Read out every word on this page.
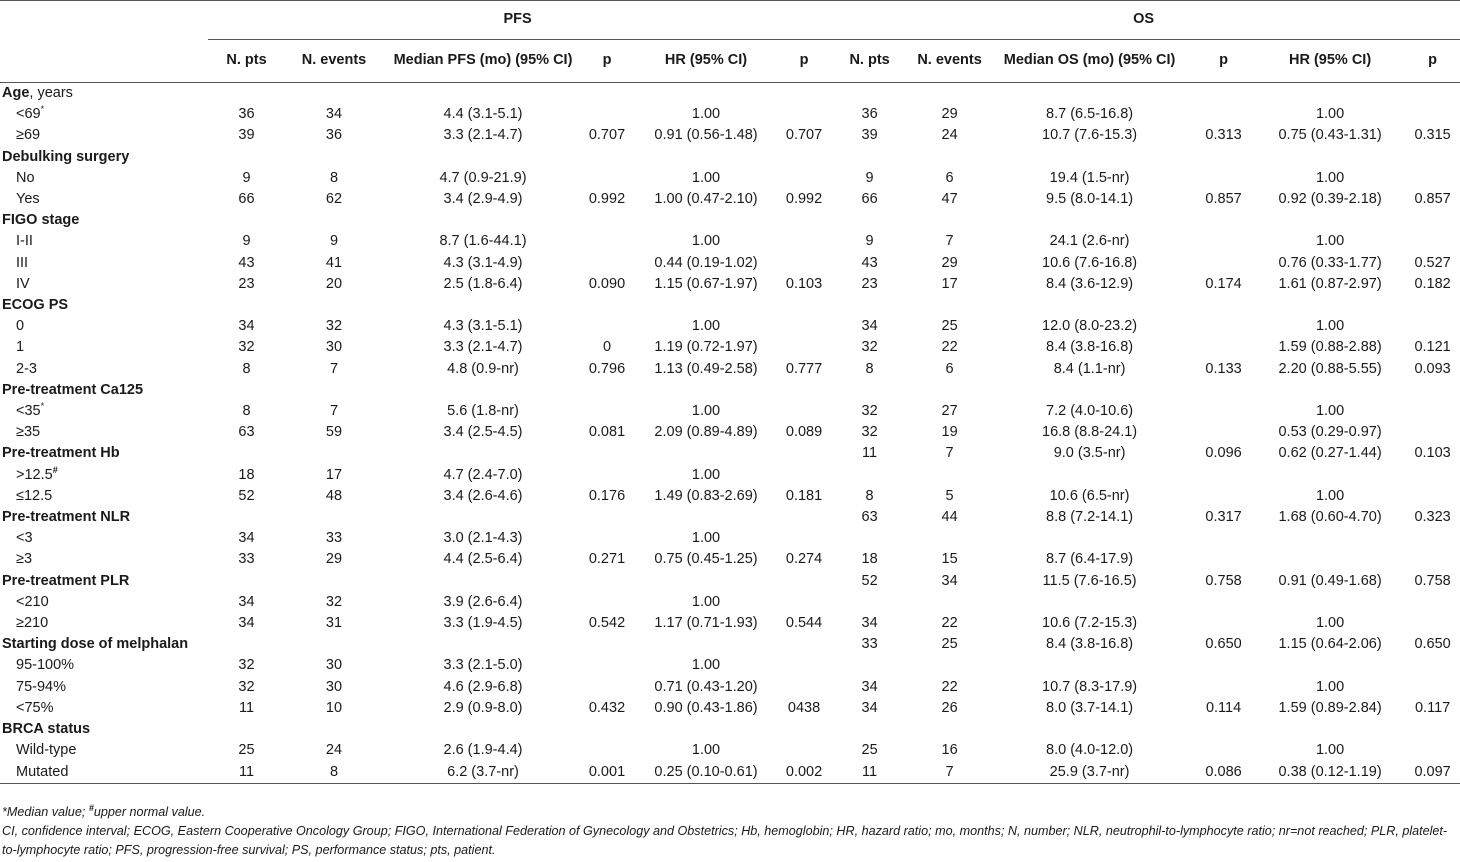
	PFS						OS					
	N. pts	N. events	Median PFS (mo) (95% CI)	p	HR (95% CI)	p	N. pts	N. events	Median OS (mo) (95% CI)	p	HR (95% CI)	p
Age, years												
<69*	36	34	4.4 (3.1-5.1)		1.00		36	29	8.7 (6.5-16.8)		1.00	
≥69	39	36	3.3 (2.1-4.7)	0.707	0.91 (0.56-1.48)	0.707	39	24	10.7 (7.6-15.3)	0.313	0.75 (0.43-1.31)	0.315
Debulking surgery												
No	9	8	4.7 (0.9-21.9)		1.00		9	6	19.4 (1.5-nr)		1.00	
Yes	66	62	3.4 (2.9-4.9)	0.992	1.00 (0.47-2.10)	0.992	66	47	9.5 (8.0-14.1)	0.857	0.92 (0.39-2.18)	0.857
FIGO stage												
I-II	9	9	8.7 (1.6-44.1)		1.00		9	7	24.1 (2.6-nr)		1.00	
III	43	41	4.3 (3.1-4.9)		0.44 (0.19-1.02)		43	29	10.6 (7.6-16.8)		0.76 (0.33-1.77)	0.527
IV	23	20	2.5 (1.8-6.4)	0.090	1.15 (0.67-1.97)	0.103	23	17	8.4 (3.6-12.9)	0.174	1.61 (0.87-2.97)	0.182
ECOG PS												
0	34	32	4.3 (3.1-5.1)		1.00		34	25	12.0 (8.0-23.2)		1.00	
1	32	30	3.3 (2.1-4.7)	0	1.19 (0.72-1.97)		32	22	8.4 (3.8-16.8)		1.59 (0.88-2.88)	0.121
2-3	8	7	4.8 (0.9-nr)	0.796	1.13 (0.49-2.58)	0.777	8	6	8.4 (1.1-nr)	0.133	2.20 (0.88-5.55)	0.093
Pre-treatment Ca125												
<35*	8	7	5.6 (1.8-nr)		1.00		32	27	7.2 (4.0-10.6)		1.00	
≥35	63	59	3.4 (2.5-4.5)	0.081	2.09 (0.89-4.89)	0.089	32	19	16.8 (8.8-24.1)		0.53 (0.29-0.97)	
Pre-treatment Hb							11	7	9.0 (3.5-nr)	0.096	0.62 (0.27-1.44)	0.103
>12.5#	18	17	4.7 (2.4-7.0)		1.00							
≤12.5	52	48	3.4 (2.6-4.6)	0.176	1.49 (0.83-2.69)	0.181	8	5	10.6 (6.5-nr)		1.00	
Pre-treatment NLR							63	44	8.8 (7.2-14.1)	0.317	1.68 (0.60-4.70)	0.323
<3	34	33	3.0 (2.1-4.3)		1.00							
≥3	33	29	4.4 (2.5-6.4)	0.271	0.75 (0.45-1.25)	0.274	18	15	8.7 (6.4-17.9)			
Pre-treatment PLR							52	34	11.5 (7.6-16.5)	0.758	0.91 (0.49-1.68)	0.758
<210	34	32	3.9 (2.6-6.4)		1.00							
≥210	34	31	3.3 (1.9-4.5)	0.542	1.17 (0.71-1.93)	0.544	34	22	10.6 (7.2-15.3)		1.00	
Starting dose of melphalan							33	25	8.4 (3.8-16.8)	0.650	1.15 (0.64-2.06)	0.650
95-100%	32	30	3.3 (2.1-5.0)		1.00							
75-94%	32	30	4.6 (2.9-6.8)		0.71 (0.43-1.20)		34	22	10.7 (8.3-17.9)		1.00	
<75%	11	10	2.9 (0.9-8.0)	0.432	0.90 (0.43-1.86)	0438	34	26	8.0 (3.7-14.1)	0.114	1.59 (0.89-2.84)	0.117
BRCA status												
Wild-type	25	24	2.6 (1.9-4.4)		1.00		25	16	8.0 (4.0-12.0)		1.00	
Mutated	11	8	6.2 (3.7-nr)	0.001	0.25 (0.10-0.61)	0.002	11	7	25.9 (3.7-nr)	0.086	0.38 (0.12-1.19)	0.097
*Median value; #upper normal value.
CI, confidence interval; ECOG, Eastern Cooperative Oncology Group; FIGO, International Federation of Gynecology and Obstetrics; Hb, hemoglobin; HR, hazard ratio; mo, months; N, number; NLR, neutrophil-to-lymphocyte ratio; nr=not reached; PLR, platelet-to-lymphocyte ratio; PFS, progression-free survival; PS, performance status; pts, patient.
